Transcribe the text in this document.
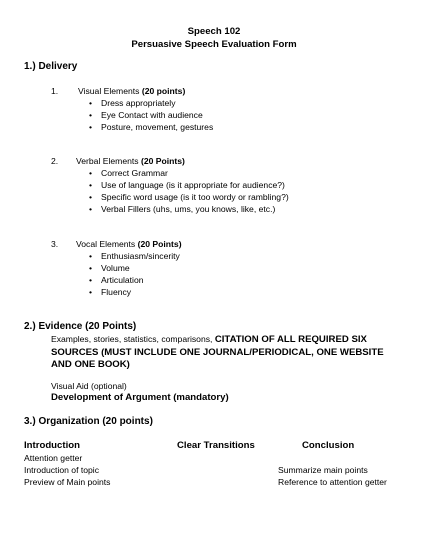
Speech 102
Persuasive Speech Evaluation Form
1.) Delivery
1. Visual Elements (20 points)
• Dress appropriately
• Eye Contact with audience
• Posture, movement, gestures
2. Verbal Elements (20 Points)
• Correct Grammar
• Use of language (is it appropriate for audience?)
• Specific word usage (is it too wordy or rambling?)
• Verbal Fillers (uhs, ums, you knows, like, etc.)
3. Vocal Elements (20 Points)
• Enthusiasm/sincerity
• Volume
• Articulation
• Fluency
2.) Evidence (20 Points)
Examples, stories, statistics, comparisons, CITATION OF ALL REQUIRED SIX
SOURCES (MUST INCLUDE ONE JOURNAL/PERIODICAL, ONE WEBSITE
AND ONE BOOK)
Visual Aid (optional)
Development of Argument (mandatory)
3.) Organization (20 points)
Introduction	Clear Transitions	Conclusion
Attention getter
Introduction of topic
Preview of Main points
Summarize main points
Reference to attention getter
